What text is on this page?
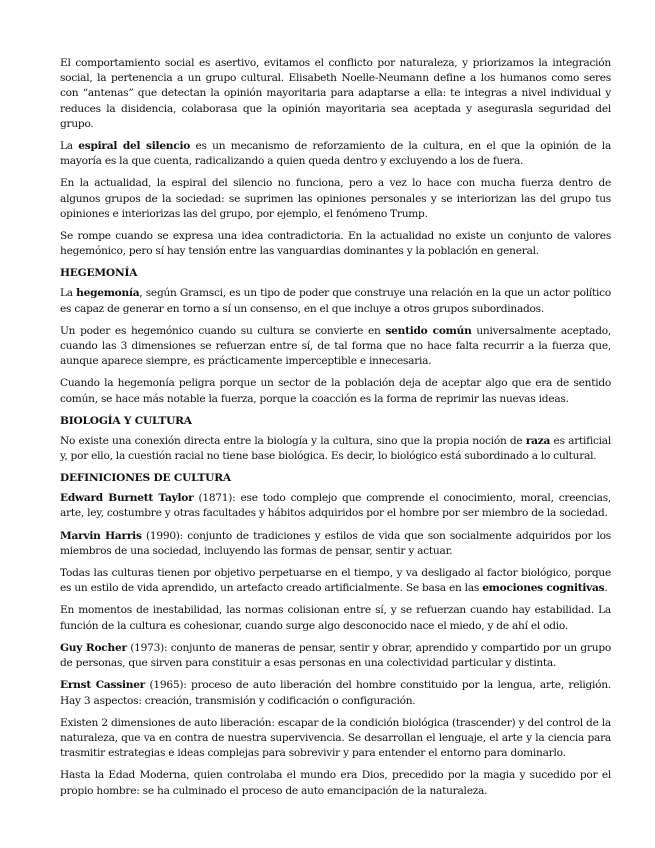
El comportamiento social es asertivo, evitamos el conflicto por naturaleza, y priorizamos la integración social, la pertenencia a un grupo cultural. Elisabeth Noelle-Neumann define a los humanos como seres con “antenas” que detectan la opinión mayoritaria para adaptarse a ella: te integras a nivel individual y reduces la disidencia, colaborasa que la opinión mayoritaria sea aceptada y asegurasla seguridad del grupo.

La espiral del silencio es un mecanismo de reforzamiento de la cultura, en el que la opinión de la mayoría es la que cuenta, radicalizando a quien queda dentro y excluyendo a los de fuera.

En la actualidad, la espiral del silencio no funciona, pero a vez lo hace con mucha fuerza dentro de algunos grupos de la sociedad: se suprimen las opiniones personales y se interiorizan las del grupo tus opiniones e interiorizas las del grupo, por ejemplo, el fenómeno Trump.

Se rompe cuando se expresa una idea contradictoria. En la actualidad no existe un conjunto de valores hegemónico, pero sí hay tensión entre las vanguardias dominantes y la población en general.

HEGEMONÍA

La hegemonía, según Gramsci, es un tipo de poder que construye una relación en la que un actor político es capaz de generar en torno a sí un consenso, en el que incluye a otros grupos subordinados.

Un poder es hegemónico cuando su cultura se convierte en sentido común universalmente aceptado, cuando las 3 dimensiones se refuerzan entre sí, de tal forma que no hace falta recurrir a la fuerza que, aunque aparece siempre, es prácticamente imperceptible e innecesaria.

Cuando la hegemonía peligra porque un sector de la población deja de aceptar algo que era de sentido común, se hace más notable la fuerza, porque la coacción es la forma de reprimir las nuevas ideas.

BIOLOGÍA Y CULTURA

No existe una conexión directa entre la biología y la cultura, sino que la propia noción de raza es artificial y, por ello, la cuestión racial no tiene base biológica. Es decir, lo biológico está subordinado a lo cultural.

DEFINICIONES DE CULTURA

Edward Burnett Taylor (1871): ese todo complejo que comprende el conocimiento, moral, creencias, arte, ley, costumbre y otras facultades y hábitos adquiridos por el hombre por ser miembro de la sociedad.

Marvin Harris (1990): conjunto de tradiciones y estilos de vida que son socialmente adquiridos por los miembros de una sociedad, incluyendo las formas de pensar, sentir y actuar.

Todas las culturas tienen por objetivo perpetuarse en el tiempo, y va desligado al factor biológico, porque es un estilo de vida aprendido, un artefacto creado artificialmente. Se basa en las emociones cognitivas.

En momentos de inestabilidad, las normas colisionan entre sí, y se refuerzan cuando hay estabilidad. La función de la cultura es cohesionar, cuando surge algo desconocido nace el miedo, y de ahí el odio.

Guy Rocher (1973): conjunto de maneras de pensar, sentir y obrar, aprendido y compartido por un grupo de personas, que sirven para constituir a esas personas en una colectividad particular y distinta.

Ernst Cassiner (1965): proceso de auto liberación del hombre constituido por la lengua, arte, religión. Hay 3 aspectos: creación, transmisión y codificación o configuración.

Existen 2 dimensiones de auto liberación: escapar de la condición biológica (trascender) y del control de la naturaleza, que va en contra de nuestra supervivencia. Se desarrollan el lenguaje, el arte y la ciencia para trasmitir estrategias e ideas complejas para sobrevivir y para entender el entorno para dominarlo.

Hasta la Edad Moderna, quien controlaba el mundo era Dios, precedido por la magia y sucedido por el propio hombre: se ha culminado el proceso de auto emancipación de la naturaleza.
